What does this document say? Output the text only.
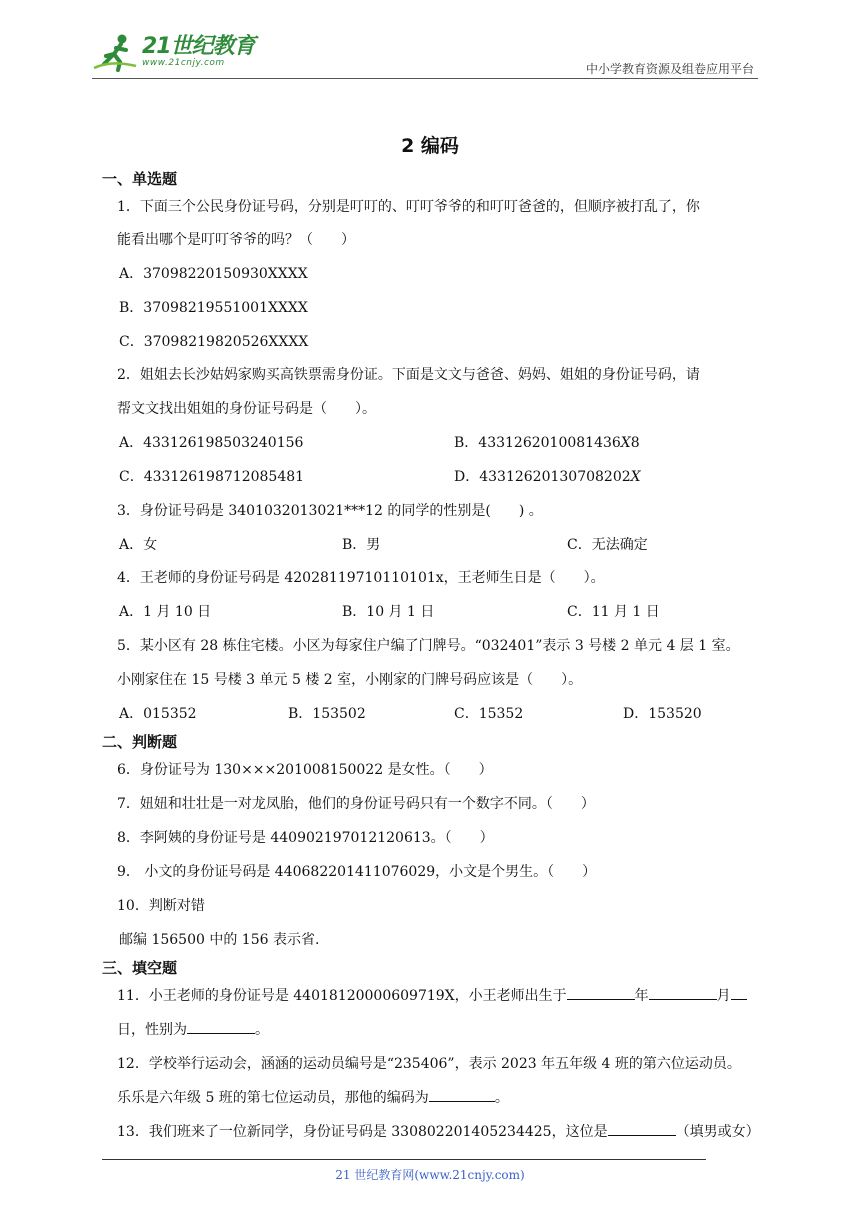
21世纪教育
www.21cnjy.com	中小学教育资源及组卷应用平台
2 编码
一、单选题
1．下面三个公民身份证号码，分别是叮叮的、叮叮爷爷的和叮叮爸爸的，但顺序被打乱了，你
能看出哪个是叮叮爷爷的吗？（　　）
A．37098220150930XXXX
B．37098219551001XXXX
C．37098219820526XXXX
2．姐姐去长沙姑妈家购买高铁票需身份证。下面是文文与爸爸、妈妈、姐姐的身份证号码，请
帮文文找出姐姐的身份证号码是（　　）。
A．433126198503240156	B．4331262010081436𝑋8
C．433126198712085481	D．43312620130708202𝑋
3．身份证号码是 3401032013021***12 的同学的性别是(　　) 。
A．女	B．男	C．无法确定
4．王老师的身份证号码是 42028119710110101x，王老师生日是（　　）。
A．1 月 10 日	B．10 月 1 日	C．11 月 1 日
5．某小区有 28 栋住宅楼。小区为每家住户编了门牌号。“032401”表示 3 号楼 2 单元 4 层 1 室。
小刚家住在 15 号楼 3 单元 5 楼 2 室，小刚家的门牌号码应该是（　　）。
A．015352	B．153502	C．15352	D．153520
二、判断题
6．身份证号为 130×××201008150022 是女性。（　　）
7．妞妞和壮壮是一对龙凤胎，他们的身份证号码只有一个数字不同。（　　）
8．李阿姨的身份证号是 440902197012120613。（　　）
9． 小文的身份证号码是 440682201411076029，小文是个男生。（　　）
10．判断对错
邮编 156500 中的 156 表示省.
三、填空题
11．小王老师的身份证号是 44018120000609719X，小王老师出生于	年	月
日，性别为	。
12．学校举行运动会，涵涵的运动员编号是“235406”，表示 2023 年五年级 4 班的第六位运动员。
乐乐是六年级 5 班的第七位运动员，那他的编码为	。
13．我们班来了一位新同学，身份证号码是 330802201405234425，这位是	（填男或女）
21 世纪教育网(www.21cnjy.com)
